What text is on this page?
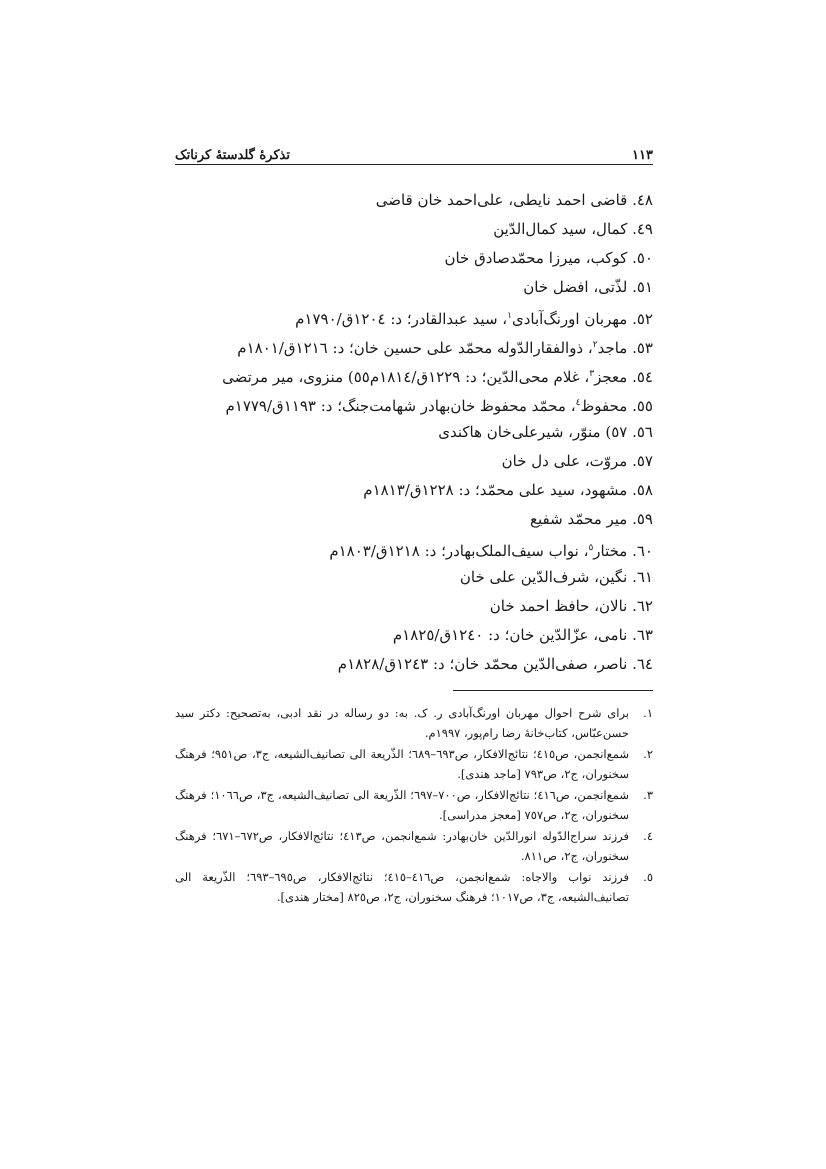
١١٣
تذکرۀ گلدستۀ کرناتک
٤٨. قاضی احمد نایطی، علی‌احمد خان قاضی
٤٩. کمال، سید کمال‌الدّین
٥٠. کوکب، میرزا محمّدصادق خان
٥١. لذّتی، افضل خان
٥٢. مهربان اورنگ‌آبادی$^١$، سید عبدالقادر؛ د: ١٢٠٤ق/١٧٩٠م
٥٣. ماجد$^٢$، ذوالفقارالدّوله محمّد علی حسین خان؛ د: ١٢١٦ق/١٨٠١م
٥٤. معجز$^٣$، غلام محی‌الدّین؛ د: ١٢٢٩ق/١٨١٤م٥٥) منزوی، میر مرتضی
٥٥. محفوظ$^٤$، محمّد محفوظ خان‌بهادر شهامت‌جنگ؛ د: ١١٩٣ق/١٧٧٩م
٥٦. ٥٧) منوّر، شیرعلی‌خان هاکندی
٥٧. مروّت، علی دل خان
٥٨. مشهود، سید علی محمّد؛ د: ١٢٢٨ق/١٨١٣م
٥٩. میر محمّد شفیع
٦٠. مختار$^٥$، نواب سیف‌الملک‌بهادر؛ د: ١٢١٨ق/١٨٠٣م
٦١. نگین، شرف‌الدّین علی خان
٦٢. نالان، حافظ احمد خان
٦٣. نامی، عزّالدّین خان؛ د: ١٢٤٠ق/١٨٢٥م
٦٤. ناصر، صفی‌الدّین محمّد خان؛ د: ١٢٤٣ق/١٨٢٨م
١.
برای شرح احوال مهربان اورنگ‌آبادی ر. ک. به: دو رساله در نقد ادبی، به‌تصحیح: دکتر سید حسن‌عبّاس، کتاب‌خانۀ رضا رام‌پور، ١٩٩٧م.
٢.
شمع‌انجمن، ص٤١٥؛ نتائج‌الافکار، ص٦٩٣–٦٨٩؛ الذّریعة الی تصانیف‌الشیعه، ج٣، ص٩٥١؛ فرهنگ سخنوران، ج٢، ص٧٩٣ [ماجد هندی].
٣.
شمع‌انجمن، ص٤١٦؛ نتائج‌الافکار، ص٧٠٠–٦٩٧؛ الذّریعة الی تصانیف‌الشیعه، ج٣، ص١٠٦٦؛ فرهنگ سخنوران، ج٢، ص٧٥٧ [معجز مدراسی].
٤.
فرزند سراج‌الدّوله انورالدّین خان‌بهادر: شمع‌انجمن، ص٤١٣؛ نتائج‌الافکار، ص٦٧٢–٦٧١؛ فرهنگ سخنوران، ج٢، ص٨١١.
٥.
فرزند نواب والاجاه: شمع‌انجمن، ص٤١٦–٤١٥؛ نتائج‌الافکار، ص٦٩٥–٦٩٣؛ الذّریعة الی تصانیف‌الشیعه، ج٣، ص١٠١٧؛ فرهنگ سخنوران، ج٢، ص٨٢٥ [مختار هندی].
